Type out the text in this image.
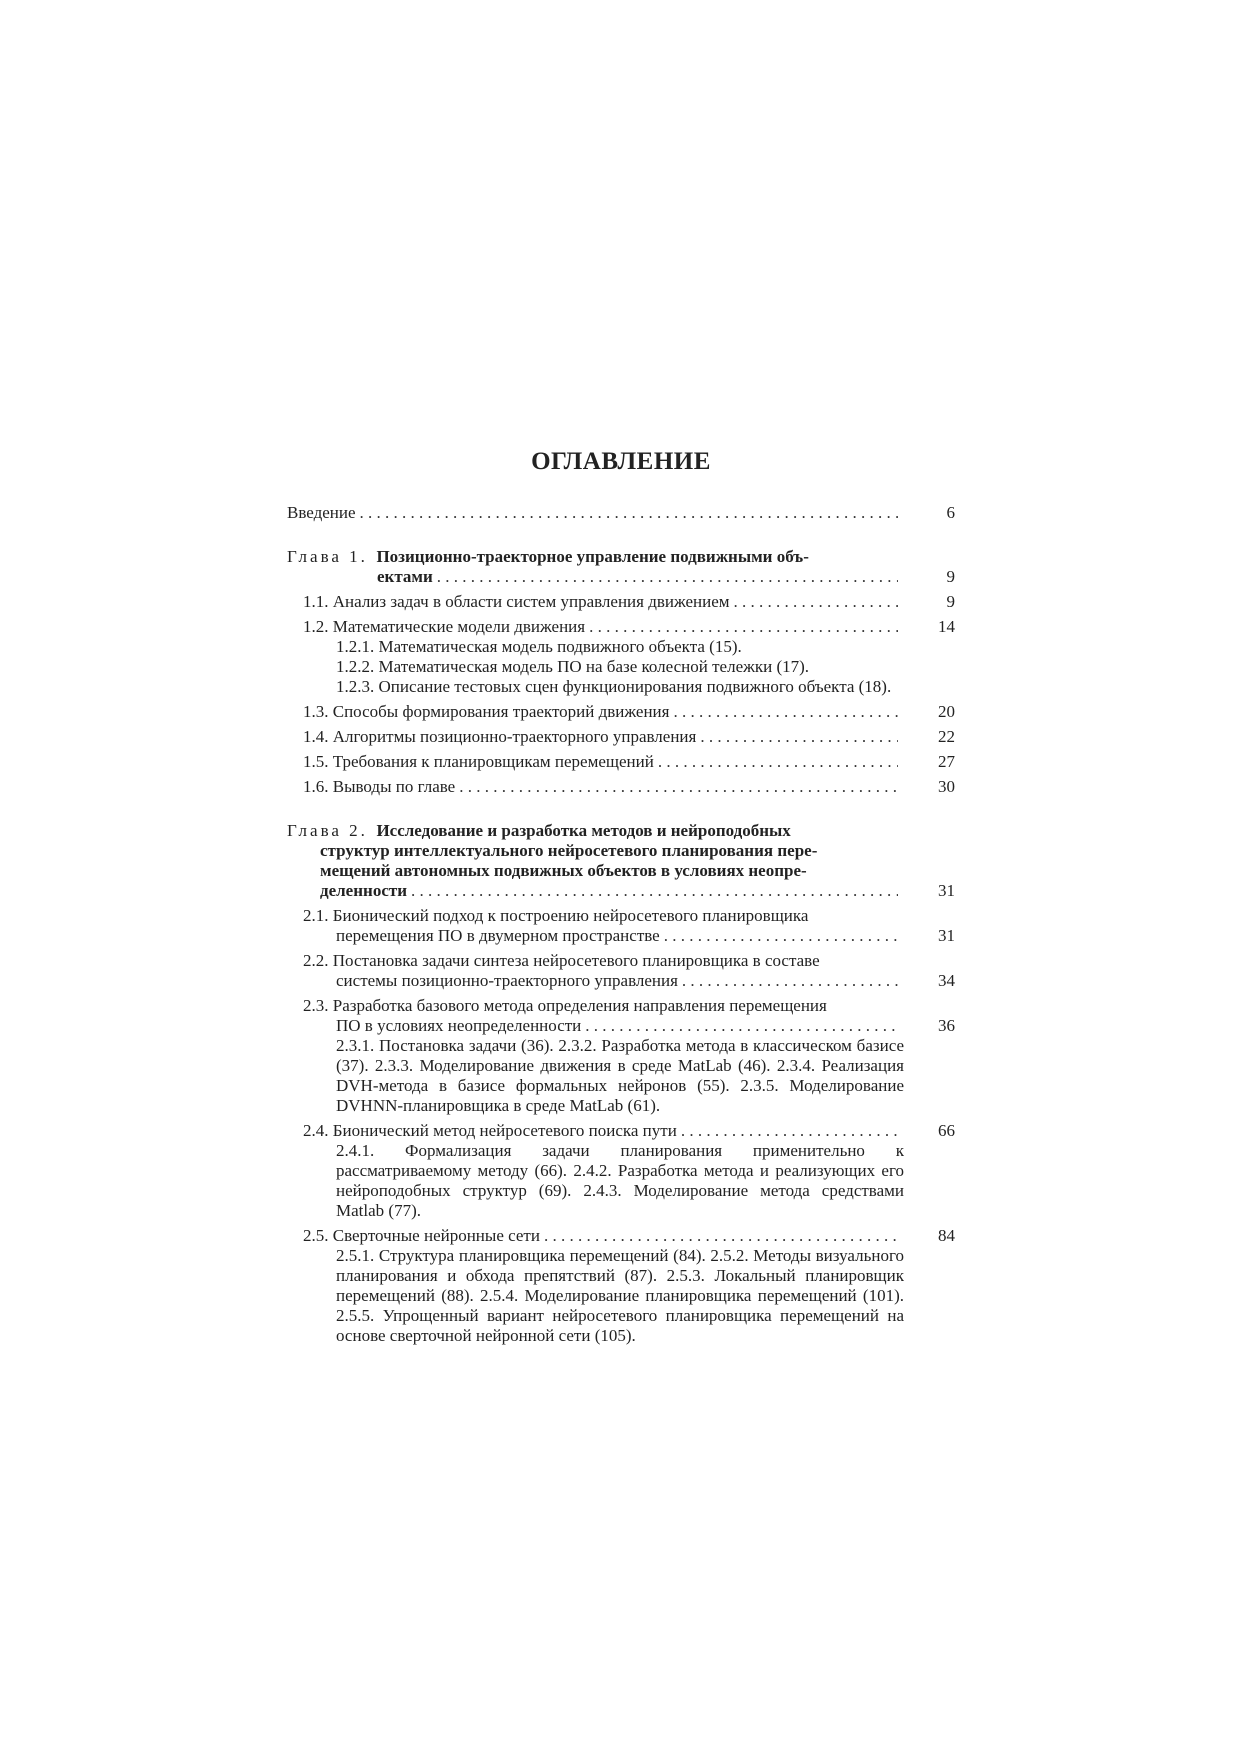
ОГЛАВЛЕНИЕ
Введение . . .	6
Глава 1. Позиционно-траекторное управление подвижными объ-
ектами . . .	9
1.1. Анализ задач в области систем управления движением . . .	9
1.2. Математические модели движения . . .	14
1.2.1. Математическая модель подвижного объекта (15).
1.2.2. Математическая модель ПО на базе колесной тележки (17).
1.2.3. Описание тестовых сцен функционирования подвижного объекта (18).
1.3. Способы формирования траекторий движения . . .	20
1.4. Алгоритмы позиционно-траекторного управления . . .	22
1.5. Требования к планировщикам перемещений . . .	27
1.6. Выводы по главе . . .	30
Глава 2. Исследование и разработка методов и нейроподобных
структур интеллектуального нейросетевого планирования пере-
мещений автономных подвижных объектов в условиях неопре-
деленности . . .	31
2.1. Бионический подход к построению нейросетевого планировщика
перемещения ПО в двумерном пространстве . . .	31
2.2. Постановка задачи синтеза нейросетевого планировщика в составе
системы позиционно-траекторного управления . . .	34
2.3. Разработка базового метода определения направления перемещения
ПО в условиях неопределенности . . .	36
2.3.1. Постановка задачи (36). 2.3.2. Разработка метода в классическом базисе (37). 2.3.3. Моделирование движения в среде MatLab (46). 2.3.4. Реализация DVH-метода в базисе формальных нейронов (55). 2.3.5. Моделирование DVHNN-планировщика в среде MatLab (61).
2.4. Бионический метод нейросетевого поиска пути . . .	66
2.4.1. Формализация задачи планирования применительно к рассматриваемому методу (66). 2.4.2. Разработка метода и реализующих его нейроподобных структур (69). 2.4.3. Моделирование метода средствами Matlab (77).
2.5. Сверточные нейронные сети . . .	84
2.5.1. Структура планировщика перемещений (84). 2.5.2. Методы визуального планирования и обхода препятствий (87). 2.5.3. Локальный планировщик перемещений (88). 2.5.4. Моделирование планировщика перемещений (101). 2.5.5. Упрощенный вариант нейросетевого планировщика перемещений на основе сверточной нейронной сети (105).
